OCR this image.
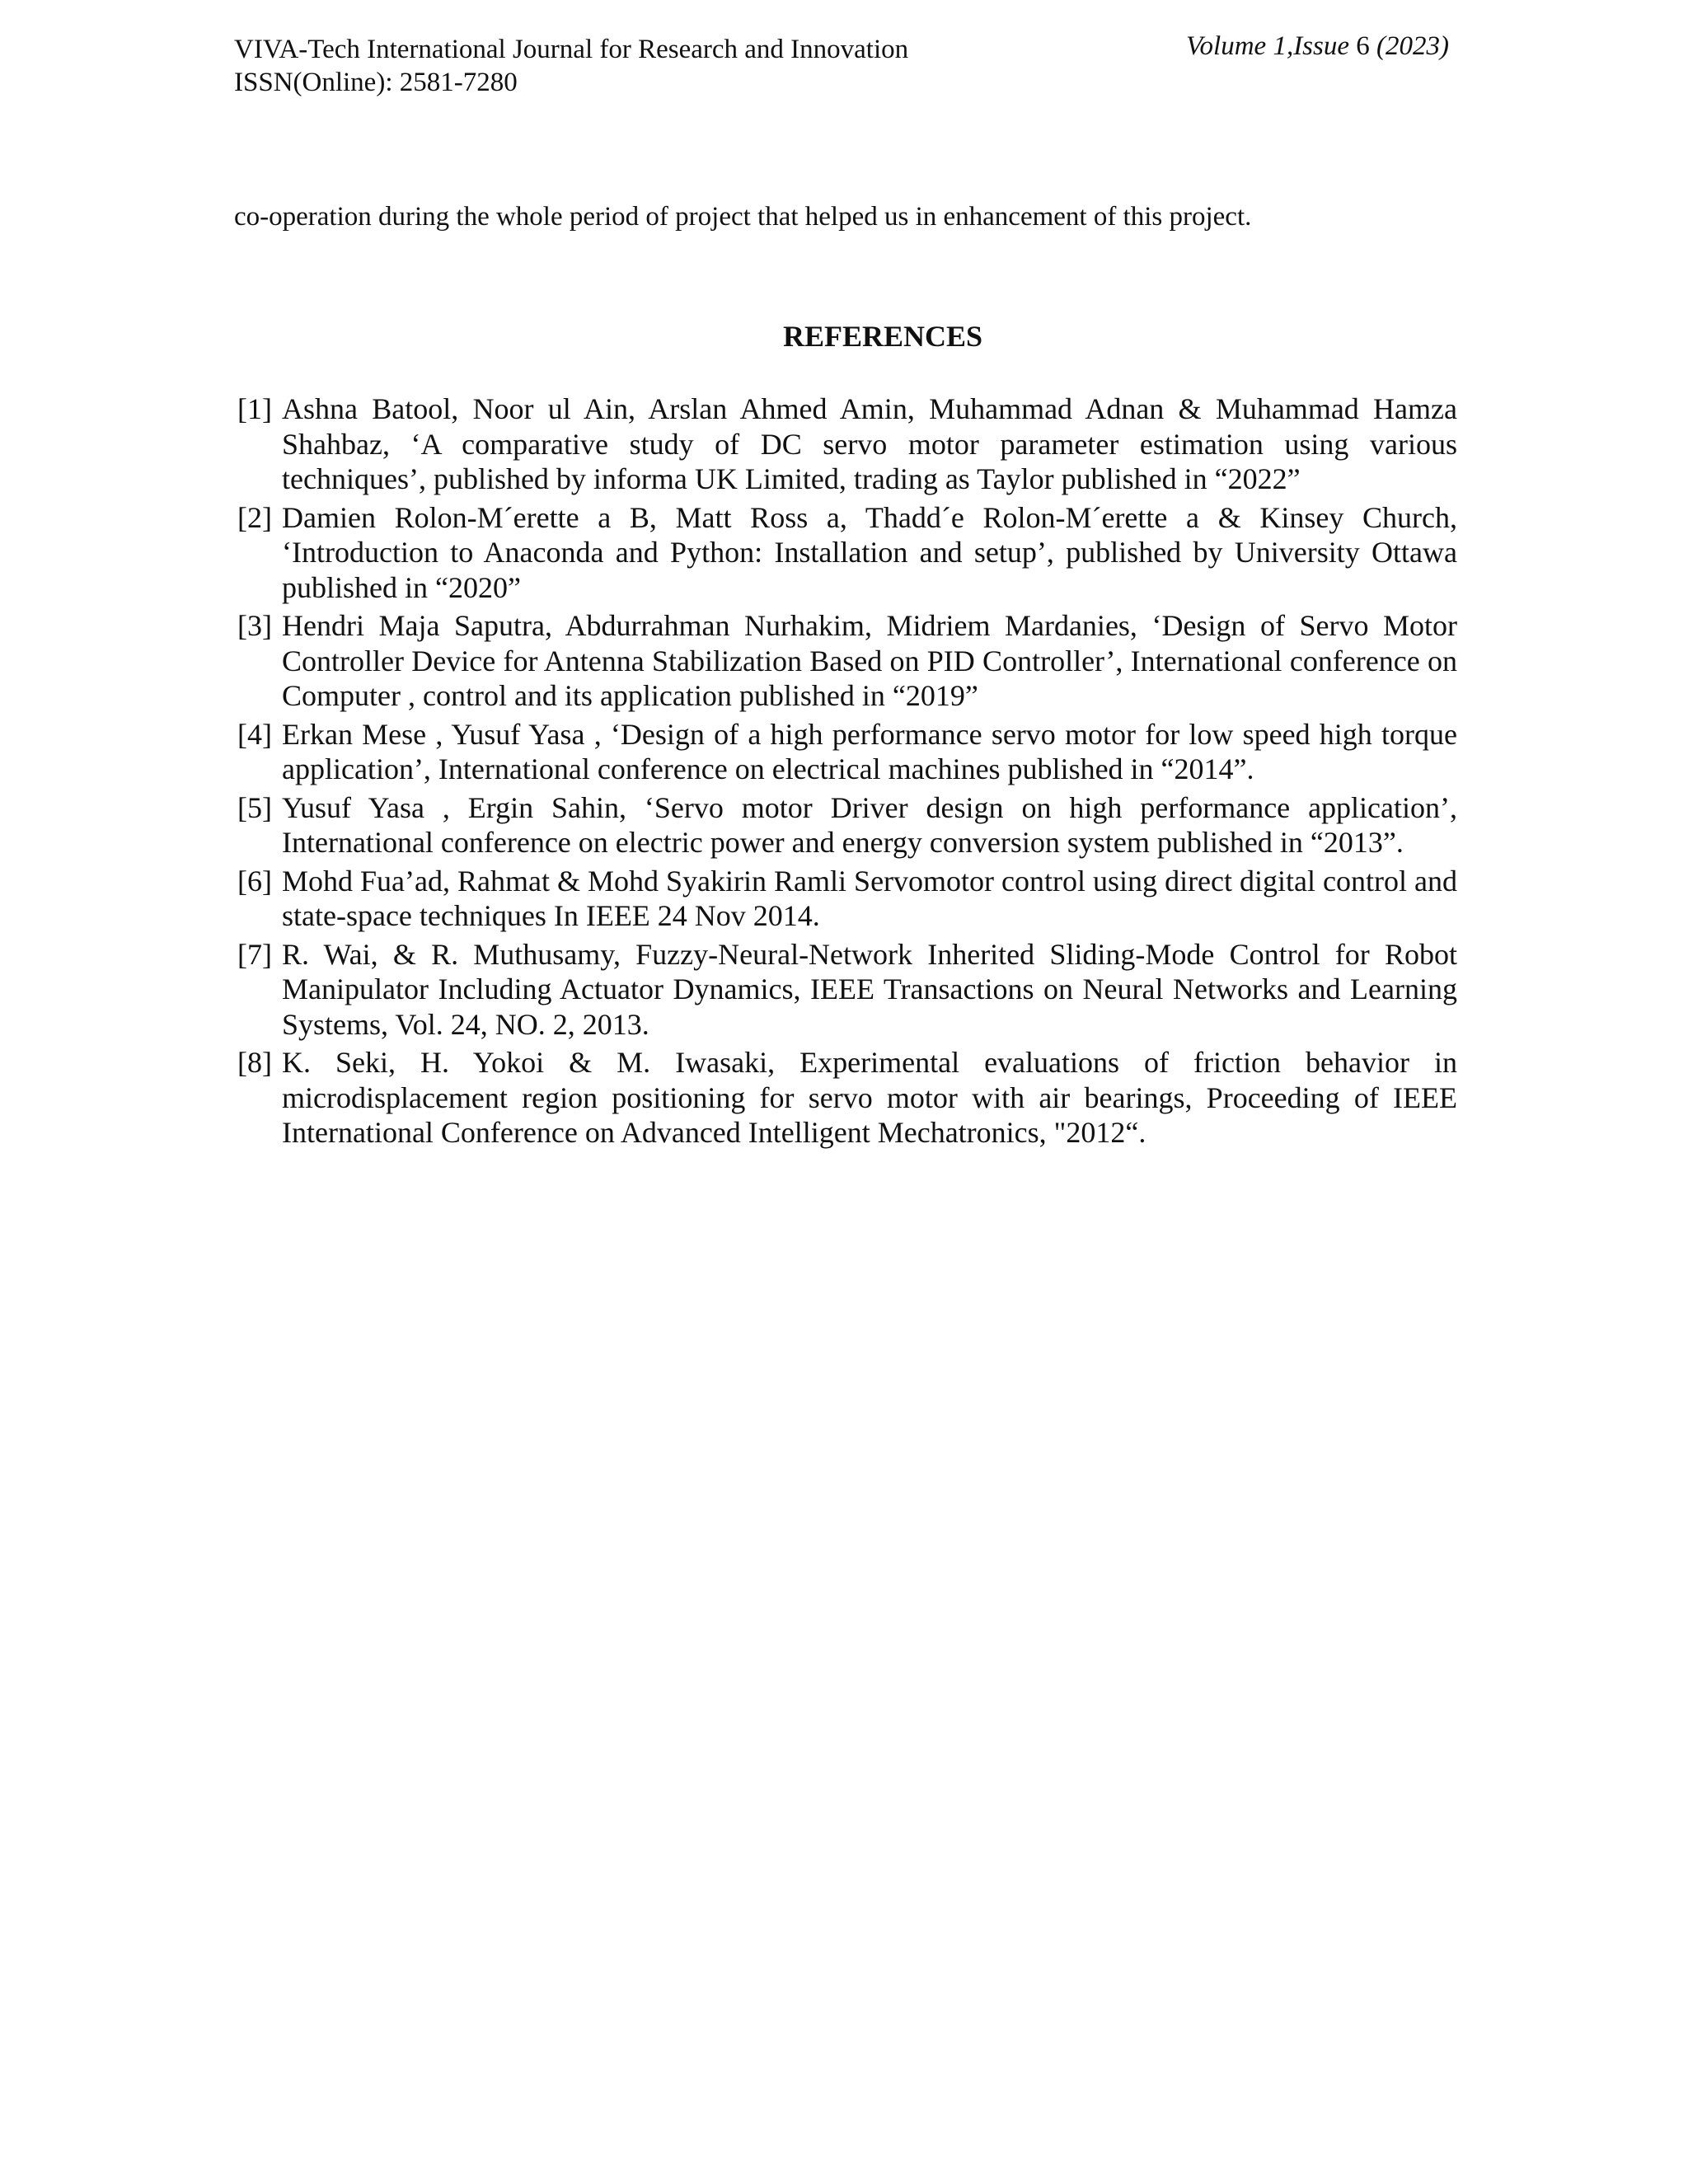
VIVA-Tech International Journal for Research and Innovation
ISSN(Online): 2581-7280
Volume 1,Issue 6 (2023)
co-operation during the whole period of project that helped us in enhancement of this project.
REFERENCES
[1] Ashna Batool, Noor ul Ain, Arslan Ahmed Amin, Muhammad Adnan & Muhammad Hamza Shahbaz, ‘A comparative study of DC servo motor parameter estimation using various techniques’, published by informa UK Limited, trading as Taylor published in “2022”
[2] Damien Rolon-M´erette a B, Matt Ross a, Thadd´e Rolon-M´erette a & Kinsey Church, ‘Introduction to Anaconda and Python: Installation and setup’, published by University Ottawa published in “2020”
[3] Hendri Maja Saputra, Abdurrahman Nurhakim, Midriem Mardanies, ‘Design of Servo Motor Controller Device for Antenna Stabilization Based on PID Controller’, International conference on Computer , control and its application published in “2019”
[4] Erkan Mese , Yusuf Yasa , ‘Design of a high performance servo motor for low speed high torque application’, International conference on electrical machines published in “2014”.
[5] Yusuf Yasa , Ergin Sahin, ‘Servo motor Driver design on high performance application’, International conference on electric power and energy conversion system published in “2013”.
[6] Mohd Fua’ad, Rahmat & Mohd Syakirin Ramli Servomotor control using direct digital control and state-space techniques In IEEE 24 Nov 2014.
[7] R. Wai, & R. Muthusamy, Fuzzy-Neural-Network Inherited Sliding-Mode Control for Robot Manipulator Including Actuator Dynamics, IEEE Transactions on Neural Networks and Learning Systems, Vol. 24, NO. 2, 2013.
[8] K. Seki, H. Yokoi & M. Iwasaki, Experimental evaluations of friction behavior in microdisplacement region positioning for servo motor with air bearings, Proceeding of IEEE International Conference on Advanced Intelligent Mechatronics, "2012“.
